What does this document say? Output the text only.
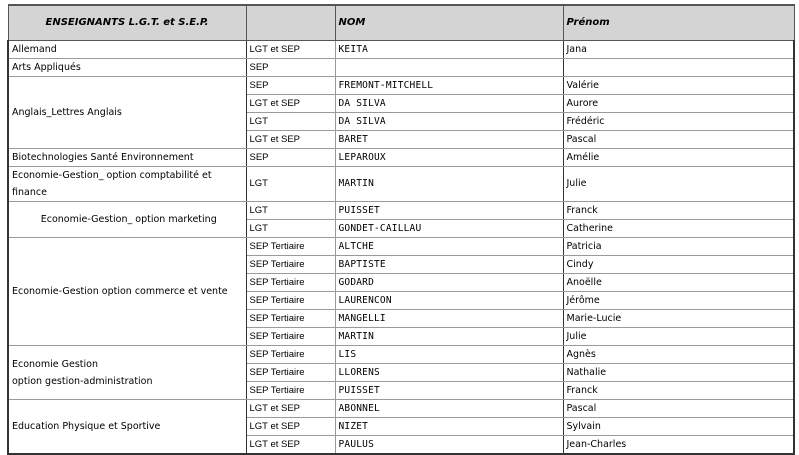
ENSEIGNANTS L.G.T. et S.E.P.		NOM	Prénom
Allemand	LGT et SEP	KEITA	Jana
Arts Appliqués	SEP		
Anglais_Lettres Anglais	SEP	FREMONT-MITCHELL	Valérie
	LGT et SEP	DA SILVA	Aurore
	LGT	DA SILVA	Frédéric
	LGT et SEP	BARET	Pascal
Biotechnologies Santé Environnement	SEP	LEPAROUX	Amélie
Economie-Gestion_ option comptabilité et finance	LGT	MARTIN	Julie
Economie-Gestion_ option marketing	LGT	PUISSET	Franck
	LGT	GONDET-CAILLAU	Catherine
Economie-Gestion option commerce et vente	SEP Tertiaire	ALTCHE	Patricia
	SEP Tertiaire	BAPTISTE	Cindy
	SEP Tertiaire	GODARD	Anoëlle
	SEP Tertiaire	LAURENCON	Jérôme
	SEP Tertiaire	MANGELLI	Marie-Lucie
	SEP Tertiaire	MARTIN	Julie
Economie Gestion
option gestion-administration	SEP Tertiaire	LIS	Agnès
	SEP Tertiaire	LLORENS	Nathalie
	SEP Tertiaire	PUISSET	Franck
Education Physique et Sportive	LGT et SEP	ABONNEL	Pascal
	LGT et SEP	NIZET	Sylvain
	LGT et SEP	PAULUS	Jean-Charles
